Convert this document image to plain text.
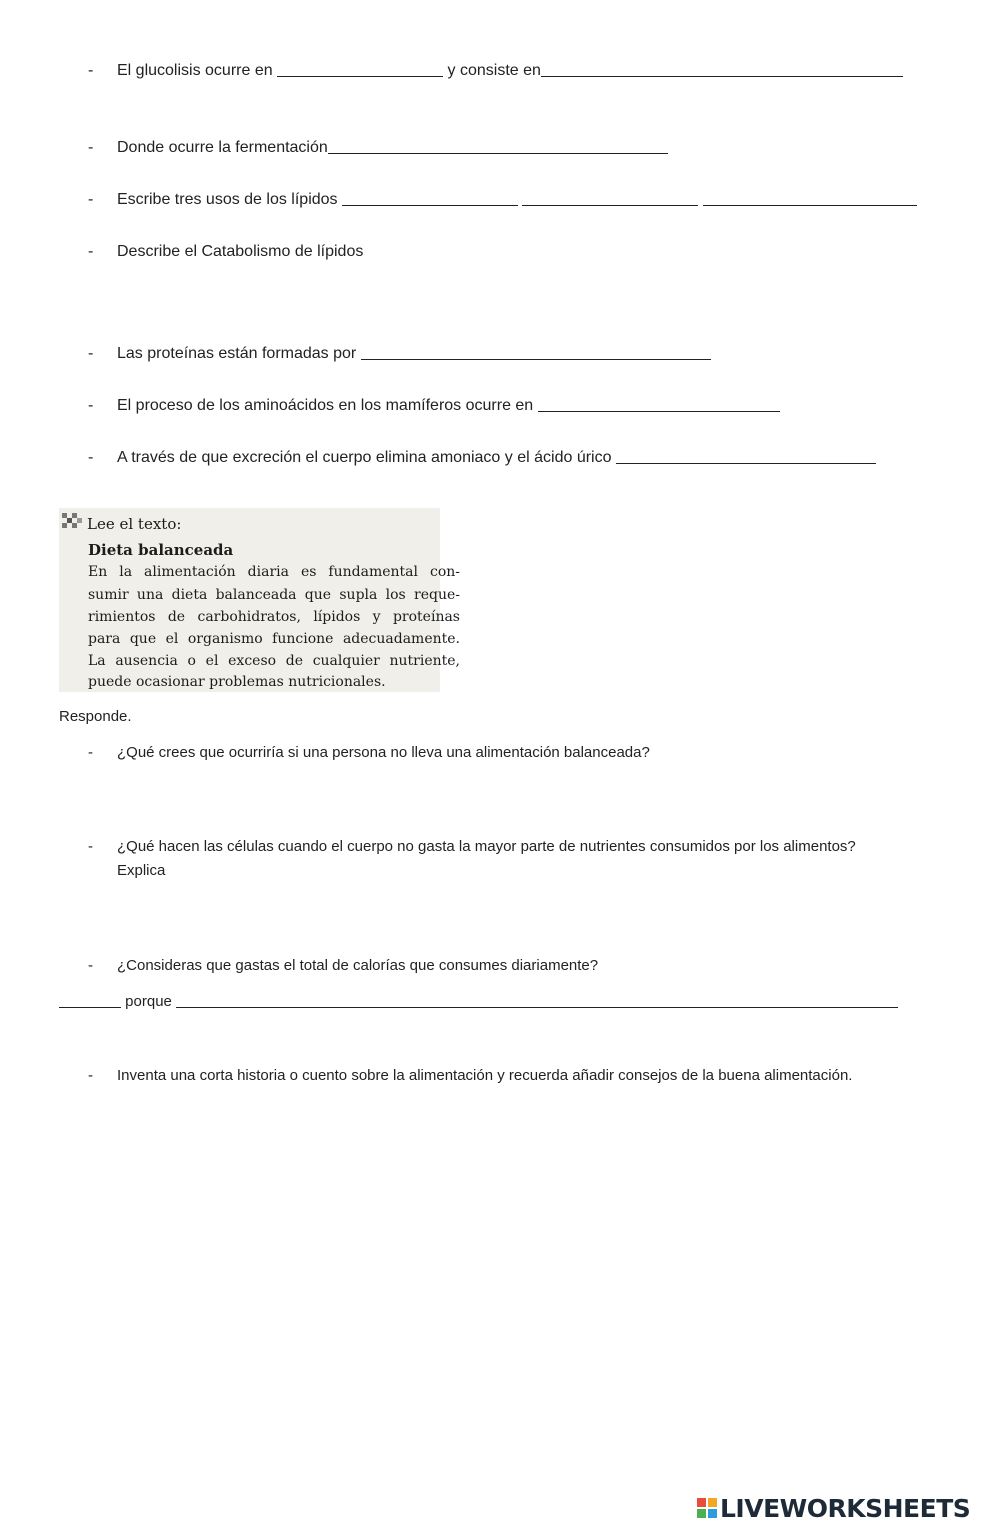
- El glucolisis ocurre en	y consiste en
- Donde ocurre la fermentación
- Escribe tres usos de los lípidos
- Describe el Catabolismo de lípidos
- Las proteínas están formadas por
- El proceso de los aminoácidos en los mamíferos ocurre en
- A través de que excreción el cuerpo elimina amoniaco y el ácido úrico
Lee el texto:
Dieta balanceada
En la alimentación diaria es fundamental con-
sumir una dieta balanceada que supla los reque-
rimientos de carbohidratos, lípidos y proteínas
para que el organismo funcione adecuadamente.
La ausencia o el exceso de cualquier nutriente,
puede ocasionar problemas nutricionales.
Responde.
- ¿Qué crees que ocurriría si una persona no lleva una alimentación balanceada?
- ¿Qué hacen las células cuando el cuerpo no gasta la mayor parte de nutrientes consumidos por los alimentos?
Explica
- ¿Consideras que gastas el total de calorías que consumes diariamente?
porque
- Inventa una corta historia o cuento sobre la alimentación y recuerda añadir consejos de la buena alimentación.
LIVEWORKSHEETS
